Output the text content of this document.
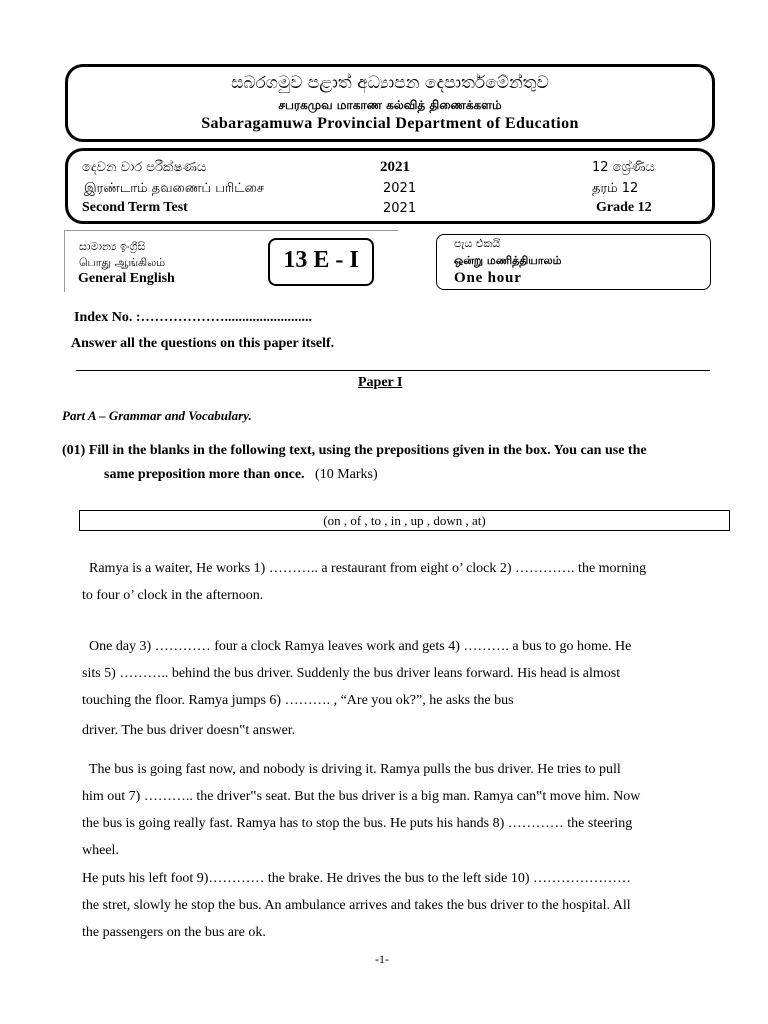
සබරගමුව පළාත් අධ්‍යාපන දෙපාර්තමේන්තුව
சபரகமுவ மாகாண கல்வித் திணைக்களம்
Sabaragamuwa Provincial Department of Education
දෙවන වාර පරීක්ෂණය
இரண்டாம் தவணைப் பரிட்சை
Second Term Test
2021
2021
2021
12 ශ්‍රේණිය
தரம் 12
Grade 12
සාමාන්‍ය ඉංග්‍රීසි
பொது ஆங்கிலம்
General English
13 E - I
පැය එකයි
ஒன்று மணித்தியாலம்
One hour
Index No. :……………….........................
Answer all the questions on this paper itself.
Paper I
Part A – Grammar and Vocabulary.
(01) Fill in the blanks in the following text, using the prepositions given in the box. You can use the
same preposition more than once. (10 Marks)
(on , of , to , in , up , down , at)
Ramya is a waiter, He works 1) ……….. a restaurant from eight o’ clock 2) …………. the morning
to four o’ clock in the afternoon.
One day 3) ………… four a clock Ramya leaves work and gets 4) ………. a bus to go home. He
sits 5) ……….. behind the bus driver. Suddenly the bus driver leans forward. His head is almost
touching the floor. Ramya jumps 6) ………. , “Are you ok?”, he asks the bus
driver. The bus driver doesn‟t answer.
The bus is going fast now, and nobody is driving it. Ramya pulls the bus driver. He tries to pull
him out 7) ……….. the driver‟s seat. But the bus driver is a big man. Ramya can‟t move him. Now
the bus is going really fast. Ramya has to stop the bus. He puts his hands 8) ………… the steering
wheel.
He puts his left foot 9)………… the brake. He drives the bus to the left side 10) …………………
the stret, slowly he stop the bus. An ambulance arrives and takes the bus driver to the hospital. All
the passengers on the bus are ok.
-1-
